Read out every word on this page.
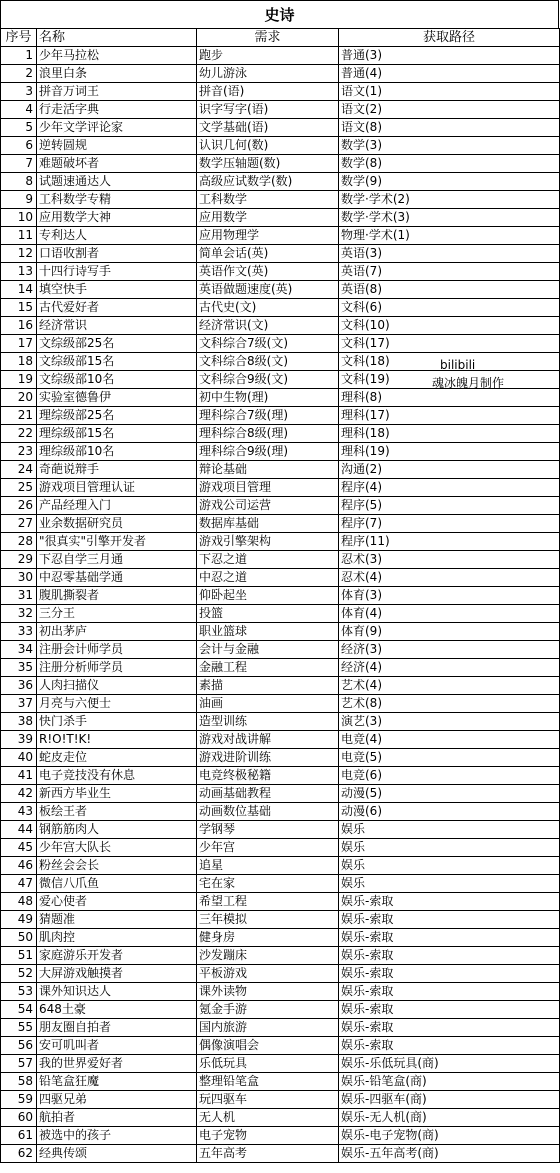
史诗
序号	名称	需求	获取路径
1	少年马拉松	跑步	普通(3)
2	浪里白条	幼儿游泳	普通(4)
3	拼音万词王	拼音(语)	语文(1)
4	行走活字典	识字写字(语)	语文(2)
5	少年文学评论家	文学基础(语)	语文(8)
6	逆转圆规	认识几何(数)	数学(3)
7	难题破坏者	数学压轴题(数)	数学(8)
8	试题速通达人	高级应试数学(数)	数学(9)
9	工科数学专精	工科数学	数学·学术(2)
10	应用数学大神	应用数学	数学·学术(3)
11	专利达人	应用物理学	物理·学术(1)
12	口语收割者	简单会话(英)	英语(3)
13	十四行诗写手	英语作文(英)	英语(7)
14	填空快手	英语做题速度(英)	英语(8)
15	古代爱好者	古代史(文)	文科(6)
16	经济常识	经济常识(文)	文科(10)
17	文综级部25名	文科综合7级(文)	文科(17)
18	文综级部15名	文科综合8级(文)	文科(18)
19	文综级部10名	文科综合9级(文)	文科(19)
20	实验室德鲁伊	初中生物(理)	理科(8)
21	理综级部25名	理科综合7级(理)	理科(17)
22	理综级部15名	理科综合8级(理)	理科(18)
23	理综级部10名	理科综合9级(理)	理科(19)
24	奇葩说辩手	辩论基础	沟通(2)
25	游戏项目管理认证	游戏项目管理	程序(4)
26	产品经理入门	游戏公司运营	程序(5)
27	业余数据研究员	数据库基础	程序(7)
28	"很真实"引擎开发者	游戏引擎架构	程序(11)
29	下忍自学三月通	下忍之道	忍术(3)
30	中忍零基础学通	中忍之道	忍术(4)
31	腹肌撕裂者	仰卧起坐	体育(3)
32	三分王	投篮	体育(4)
33	初出茅庐	职业篮球	体育(9)
34	注册会计师学员	会计与金融	经济(3)
35	注册分析师学员	金融工程	经济(4)
36	人肉扫描仪	素描	艺术(4)
37	月亮与六便士	油画	艺术(8)
38	快门杀手	造型训练	演艺(3)
39	R!O!T!K!	游戏对战讲解	电竞(4)
40	蛇皮走位	游戏进阶训练	电竞(5)
41	电子竞技没有休息	电竞终极秘籍	电竞(6)
42	新西方毕业生	动画基础教程	动漫(5)
43	板绘王者	动画数位基础	动漫(6)
44	钢筋筋肉人	学钢琴	娱乐
45	少年宫大队长	少年宫	娱乐
46	粉丝会会长	追星	娱乐
47	微信八爪鱼	宅在家	娱乐
48	爱心使者	希望工程	娱乐-索取
49	猜题准	三年模拟	娱乐-索取
50	肌肉控	健身房	娱乐-索取
51	家庭游乐开发者	沙发蹦床	娱乐-索取
52	大屏游戏触摸者	平板游戏	娱乐-索取
53	课外知识达人	课外读物	娱乐-索取
54	648土豪	氪金手游	娱乐-索取
55	朋友圈自拍者	国内旅游	娱乐-索取
56	安可叽叫者	偶像演唱会	娱乐-索取
57	我的世界爱好者	乐低玩具	娱乐-乐低玩具(商)
58	铅笔盒狂魔	整理铅笔盒	娱乐-铅笔盒(商)
59	四驱兄弟	玩四驱车	娱乐-四驱车(商)
60	航拍者	无人机	娱乐-无人机(商)
61	被选中的孩子	电子宠物	娱乐-电子宠物(商)
62	经典传颂	五年高考	娱乐-五年高考(商)
bilibili
魂冰魄月制作
